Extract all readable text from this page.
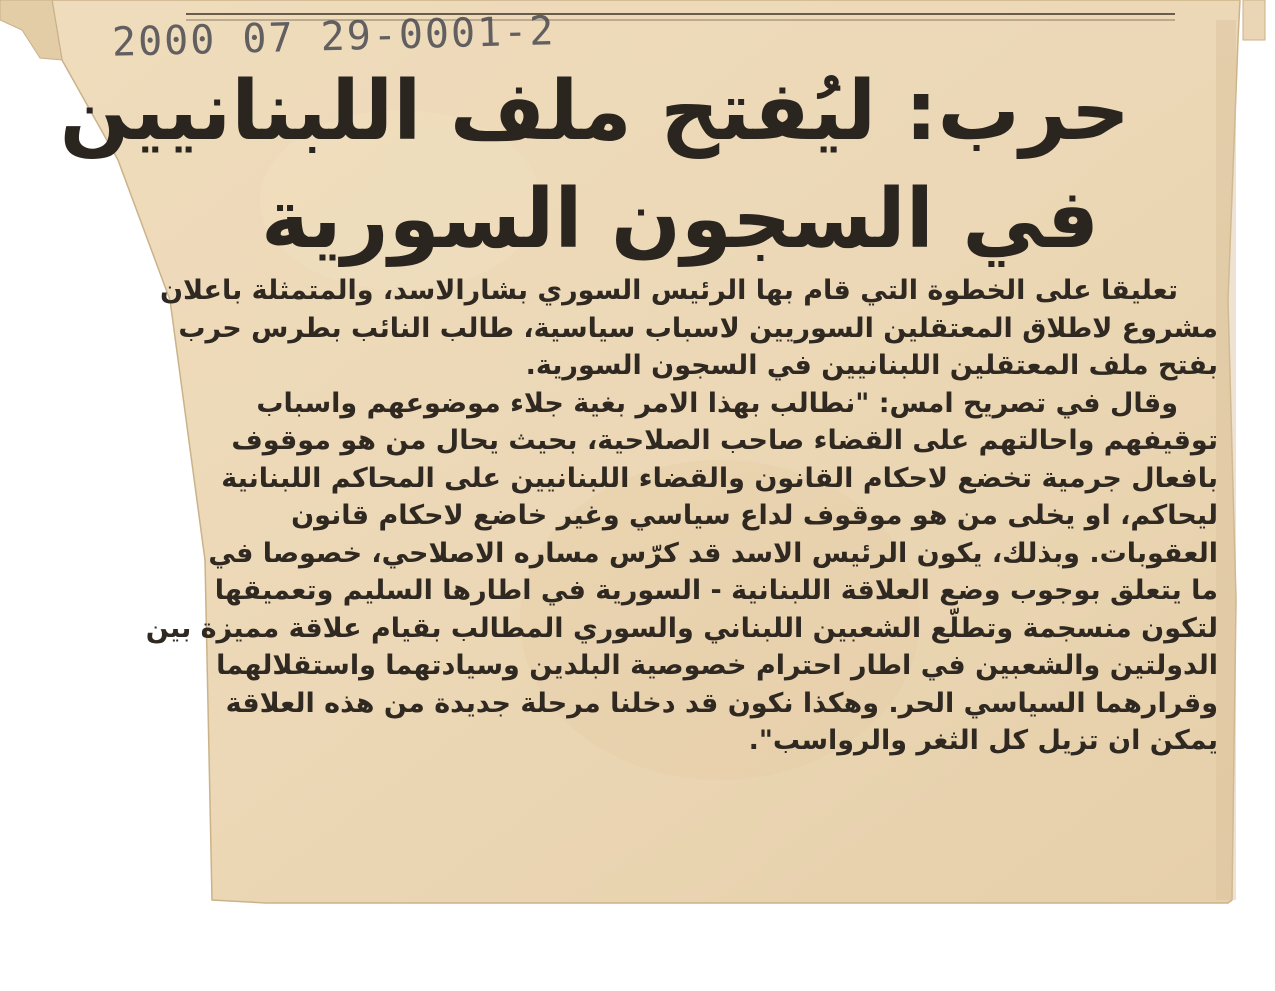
2000 07 29-0001-2
حرب: ليُفتح ملف اللبنانيين
في السجون السورية
تعليقا على الخطوة التي قام بها الرئيس السوري بشارالاسد، والمتمثلة باعلان
مشروع لاطلاق المعتقلين السوريين لاسباب سياسية، طالب النائب بطرس حرب
بفتح ملف المعتقلين اللبنانيين في السجون السورية.
وقال في تصريح امس: "نطالب بهذا الامر بغية جلاء موضوعهم واسباب
توقيفهم واحالتهم على القضاء صاحب الصلاحية، بحيث يحال من هو موقوف
بافعال جرمية تخضع لاحكام القانون والقضاء اللبنانيين على المحاكم اللبنانية
ليحاكم، او يخلى من هو موقوف لداع سياسي وغير خاضع لاحكام قانون
العقوبات. وبذلك، يكون الرئيس الاسد قد كرّس مساره الاصلاحي، خصوصا في
ما يتعلق بوجوب وضع العلاقة اللبنانية - السورية في اطارها السليم وتعميقها
لتكون منسجمة وتطلّع الشعبين اللبناني والسوري المطالب بقيام علاقة مميزة بين
الدولتين والشعبين في اطار احترام خصوصية البلدين وسيادتهما واستقلالهما
وقرارهما السياسي الحر. وهكذا نكون قد دخلنا مرحلة جديدة من هذه العلاقة
يمكن ان تزيل كل الثغر والرواسب".
